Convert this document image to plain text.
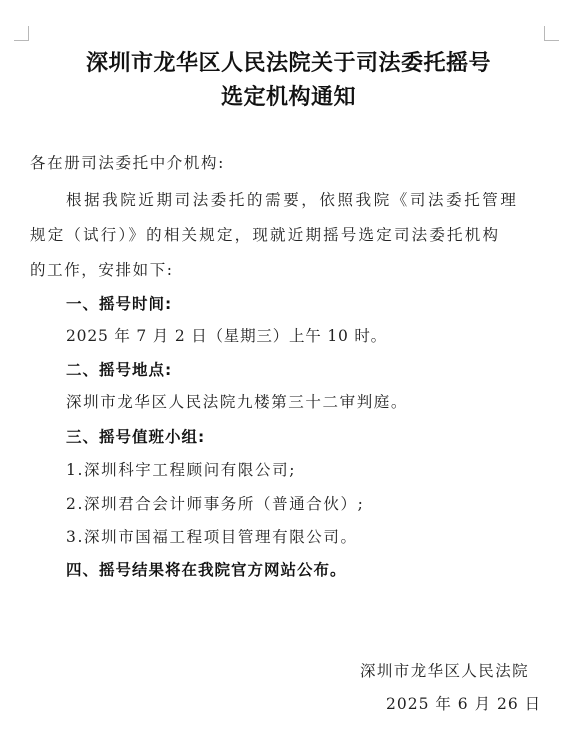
深圳市龙华区人民法院关于司法委托摇号
选定机构通知
各在册司法委托中介机构:
根据我院近期司法委托的需要，依照我院《司法委托管理
规定（试行）》的相关规定，现就近期摇号选定司法委托机构
的工作，安排如下:
一、摇号时间:
2025 年 7 月 2 日（星期三）上午 10 时。
二、摇号地点:
深圳市龙华区人民法院九楼第三十二审判庭。
三、摇号值班小组:
1.深圳科宇工程顾问有限公司;
2.深圳君合会计师事务所（普通合伙）;
3.深圳市国福工程项目管理有限公司。
四、摇号结果将在我院官方网站公布。
深圳市龙华区人民法院
2025 年 6 月 26 日
